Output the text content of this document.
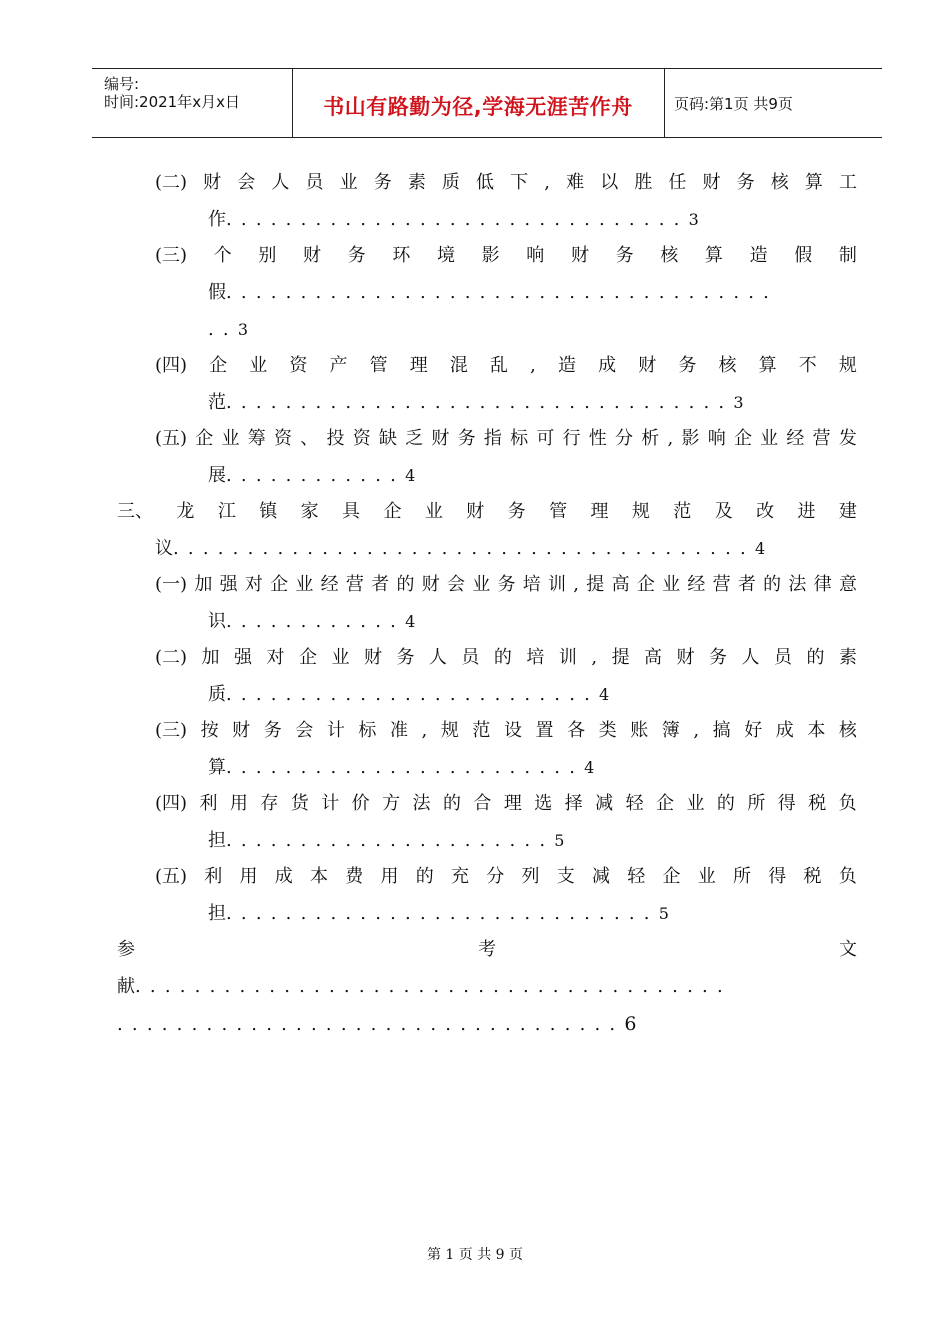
编号:
时间:2021年x月x日	书山有路勤为径,学海无涯苦作舟	页码:第1页 共9页
(二) 财 会 人 员 业 务 素 质 低 下 , 难 以 胜 任 财 务 核 算 工
作...............................3
(三) 个 别 财 务 环 境 影 响 财 务 核 算 造 假 制
假.....................................
..3
(四) 企 业 资 产 管 理 混 乱 , 造 成 财 务 核 算 不 规
范..................................3
(五) 企 业 筹 资 、 投 资 缺 乏 财 务 指 标 可 行 性 分 析 , 影 响 企 业 经 营 发
展............4
三、 龙 江 镇 家 具 企 业 财 务 管 理 规 范 及 改 进 建
议.......................................4
(一) 加 强 对 企 业 经 营 者 的 财 会 业 务 培 训 , 提 高 企 业 经 营 者 的 法 律 意
识............4
(二) 加 强 对 企 业 财 务 人 员 的 培 训 , 提 高 财 务 人 员 的 素
质.........................4
(三) 按 财 务 会 计 标 准 , 规 范 设 置 各 类 账 簿 , 搞 好 成 本 核
算........................4
(四) 利 用 存 货 计 价 方 法 的 合 理 选 择 减 轻 企 业 的 所 得 税 负
担......................5
(五) 利 用 成 本 费 用 的 充 分 列 支 减 轻 企 业 所 得 税 负
担.............................5
参	考	文
献........................................
..................................6
第 1 页 共 9 页
